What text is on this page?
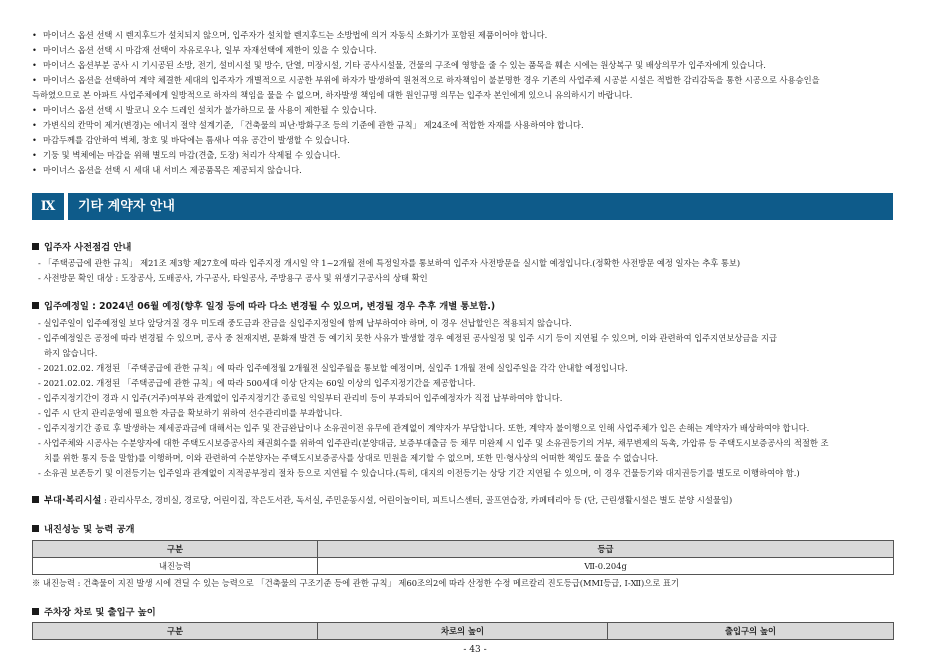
• 마이너스 옵션 선택 시 렌지후드가 설치되지 않으며, 입주자가 설치할 렌지후드는 소방법에 의거 자동식 소화기가 포함된 제품이어야 합니다.
• 마이너스 옵션 선택 시 마감재 선택이 자유로우나, 일부 자재선택에 제한이 있을 수 있습니다.
• 마이너스 옵션부분 공사 시 기시공된 소방, 전기, 설비시설 및 방수, 단열, 미장시설, 기타 공사시설물, 건물의 구조에 영향을 줄 수 있는 품목을 훼손 시에는 원상복구 및 배상의무가 입주자에게 있습니다.
• 마이너스 옵션을 선택하여 계약 체결한 세대의 입주자가 개별적으로 시공한 부위에 하자가 발생하여 원천적으로 하자책임이 불분명한 경우 기존의 사업주체 시공분 시설은 적법한 감리감독을 통한 시공으로 사용승인을
득하였으므로 본 아파트 사업주체에게 일방적으로 하자의 책임을 물을 수 없으며, 하자발생 책임에 대한 원인규명 의무는 입주자 본인에게 있으니 유의하시기 바랍니다.
• 마이너스 옵션 선택 시 발코니 오수 드레인 설치가 불가하므로 물 사용이 제한될 수 있습니다.
• 가변식의 칸막이 제거(변경)는 에너지 절약 설계기준, 「건축물의 피난·방화구조 등의 기준에 관한 규칙」 제24조에 적합한 자재를 사용하여야 합니다.
• 마감두께를 감안하여 벽체, 창호 및 바닥에는 틈새나 여유 공간이 발생할 수 있습니다.
• 기둥 및 벽체에는 마감을 위해 별도의 마감(견출, 도장) 처리가 삭제될 수 있습니다.
• 마이너스 옵션을 선택 시 세대 내 서비스 제공품목은 제공되지 않습니다.
Ⅸ	기타 계약자 안내
입주자 사전점검 안내
- 「주택공급에 관한 규칙」 제21조 제3항 제27호에 따라 입주지정 개시일 약 1~2개월 전에 특정일자를 통보하여 입주자 사전방문을 실시할 예정입니다.(정확한 사전방문 예정 일자는 추후 통보)
- 사전방문 확인 대상 : 도장공사, 도배공사, 가구공사, 타일공사, 주방용구 공사 및 위생기구공사의 상태 확인
입주예정일 : 2024년 06월 예정(향후 일정 등에 따라 다소 변경될 수 있으며, 변경될 경우 추후 개별 통보함.)
- 실입주일이 입주예정일 보다 앞당겨질 경우 미도래 중도금과 잔금을 실입주지정일에 함께 납부하여야 하며, 이 경우 선납할인은 적용되지 않습니다.
- 입주예정일은 공정에 따라 변경될 수 있으며, 공사 중 천재지변, 문화재 발견 등 예기치 못한 사유가 발생할 경우 예정된 공사일정 및 입주 시기 등이 지연될 수 있으며, 이와 관련하여 입주지연보상금을 지급
하지 않습니다.
- 2021.02.02. 개정된 「주택공급에 관한 규칙」에 따라 입주예정월 2개월전 실입주월을 통보할 예정이며, 실입주 1개월 전에 실입주일을 각각 안내할 예정입니다.
- 2021.02.02. 개정된 「주택공급에 관한 규칙」에 따라 500세대 이상 단지는 60일 이상의 입주지정기간을 제공합니다.
- 입주지정기간이 경과 시 입주(거주)여부와 관계없이 입주지정기간 종료일 익일부터 관리비 등이 부과되어 입주예정자가 직접 납부하여야 합니다.
- 입주 시 단지 관리운영에 필요한 자금을 확보하기 위하여 선수관리비를 부과합니다.
- 입주지정기간 종료 후 발생하는 제세공과금에 대해서는 입주 및 잔금완납이나 소유권이전 유무에 관계없이 계약자가 부담합니다. 또한, 계약자 불이행으로 인해 사업주체가 입은 손해는 계약자가 배상하여야 합니다.
- 사업주체와 시공사는 수분양자에 대한 주택도시보증공사의 채권회수를 위하여 입주관리(분양대금, 보증부대출금 등 채무 미완제 시 입주 및 소유권등기의 거부, 채무변제의 독촉, 가압류 등 주택도시보증공사의 적절한 조
치를 위한 통지 등을 말함)를 이행하며, 이와 관련하여 수분양자는 주택도시보증공사를 상대로 민원을 제기할 수 없으며, 또한 민·형사상의 어떠한 책임도 물을 수 없습니다.
- 소유권 보존등기 및 이전등기는 입주일과 관계없이 지적공부정리 절차 등으로 지연될 수 있습니다.(특히, 대지의 이전등기는 상당 기간 지연될 수 있으며, 이 경우 건물등기와 대지권등기를 별도로 이행하여야 함.)
부대·복리시설 : 관리사무소, 경비실, 경로당, 어린이집, 작은도서관, 독서실, 주민운동시설, 어린이놀이터, 피트니스센터, 골프연습장, 카페테리아 등 (단, 근린생활시설은 별도 분양 시설물임)
내진성능 및 능력 공개
구분	등급
내진능력	Ⅶ-0.204g
※ 내진능력 : 건축물이 지진 발생 시에 견딜 수 있는 능력으로 「건축물의 구조기준 등에 관한 규칙」 제60조의2에 따라 산정한 수정 메르칼리 진도등급(MMI등급, Ⅰ-Ⅻ)으로 표기
주차장 차로 및 출입구 높이
구분	차로의 높이	출입구의 높이
- 43 -
